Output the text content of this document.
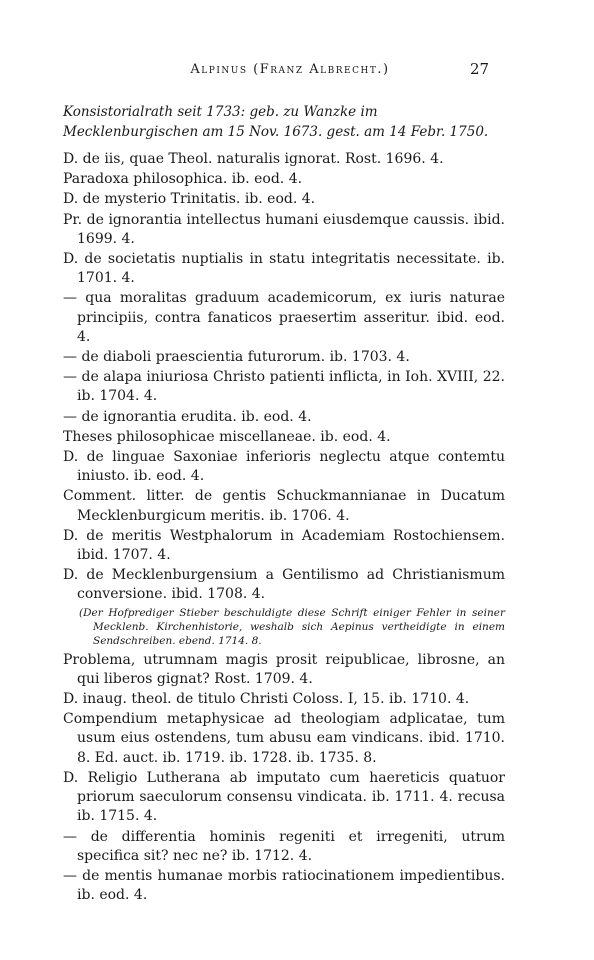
Alpinus (Franz Albrecht.)	27

Konsistorialrath seit 1733: geb. zu Wanzke im Mecklenburgischen am 15 Nov. 1673. gest. am 14 Febr. 1750.

D. de iis, quae Theol. naturalis ignorat. Rost. 1696. 4.
Paradoxa philosophica. ib. eod. 4.
D. de mysterio Trinitatis. ib. eod. 4.
Pr. de ignorantia intellectus humani eiusdemque caussis. ibid. 1699. 4.
D. de societatis nuptialis in statu integritatis necessitate. ib. 1701. 4.
— qua moralitas graduum academicorum, ex iuris naturae principiis, contra fanaticos praesertim asseritur. ibid. eod. 4.
— de diaboli praescientia futurorum. ib. 1703. 4.
— de alapa iniuriosa Christo patienti inflicta, in Ioh. XVIII, 22. ib. 1704. 4.
— de ignorantia erudita. ib. eod. 4.
Theses philosophicae miscellaneae. ib. eod. 4.
D. de linguae Saxoniae inferioris neglectu atque contemtu iniusto. ib. eod. 4.
Comment. litter. de gentis Schuckmannianae in Ducatum Mecklenburgicum meritis. ib. 1706. 4.
D. de meritis Westphalorum in Academiam Rostochiensem. ibid. 1707. 4.
D. de Mecklenburgensium a Gentilismo ad Christianismum conversione. ibid. 1708. 4.
(Der Hofprediger Stieber beschuldigte diese Schrift einiger Fehler in seiner Mecklenb. Kirchenhistorie, weshalb sich Aepinus vertheidigte in einem Sendschreiben. ebend. 1714. 8.
Problema, utrumnam magis prosit reipublicae, librosne, an qui liberos gignat? Rost. 1709. 4.
D. inaug. theol. de titulo Christi Coloss. I, 15. ib. 1710. 4.
Compendium metaphysicae ad theologiam adplicatae, tum usum eius ostendens, tum abusu eam vindicans. ibid. 1710. 8. Ed. auct. ib. 1719. ib. 1728. ib. 1735. 8.
D. Religio Lutherana ab imputato cum haereticis quatuor priorum saeculorum consensu vindicata. ib. 1711. 4. recusa ib. 1715. 4.
— de differentia hominis regeniti et irregeniti, utrum specifica sit? nec ne? ib. 1712. 4.
— de mentis humanae morbis ratiocinationem impedientibus. ib. eod. 4.
